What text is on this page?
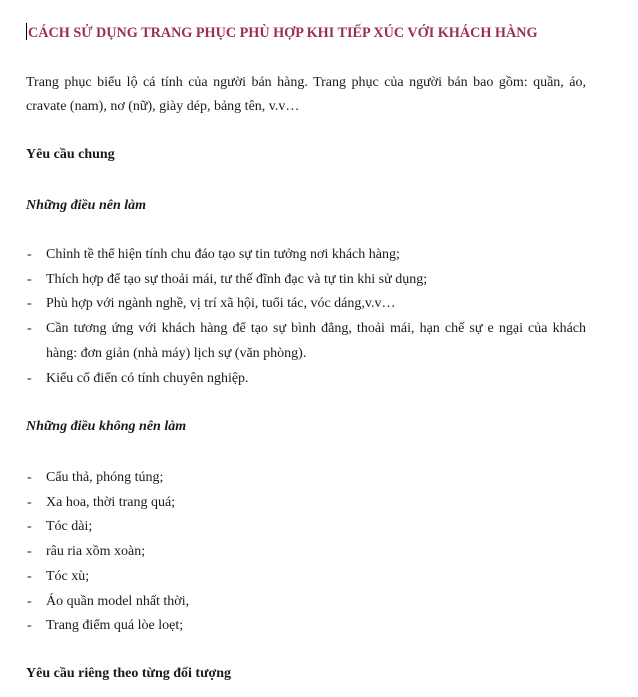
CÁCH SỬ DỤNG TRANG PHỤC PHÙ HỢP KHI TIẾP XÚC VỚI KHÁCH HÀNG
Trang phục biểu lộ cá tính của người bán hàng. Trang phục của người bán bao gồm: quần, áo, cravate (nam), nơ (nữ), giày dép, bảng tên, v.v…
Yêu cầu chung
Những điều nên làm
- Chỉnh tề thể hiện tính chu đáo tạo sự tin tưởng nơi khách hàng;
- Thích hợp để tạo sự thoải mái, tư thế đĩnh đạc và tự tin khi sử dụng;
- Phù hợp với ngành nghề, vị trí xã hội, tuổi tác, vóc dáng,v.v…
- Cần tương ứng với khách hàng để tạo sự bình đẳng, thoải mái, hạn chế sự e ngại của khách hàng: đơn giản (nhà máy) lịch sự (văn phòng).
- Kiểu cổ điển có tính chuyên nghiệp.
Những điều không nên làm
- Cẩu thả, phóng túng;
- Xa hoa, thời trang quá;
- Tóc dài;
- râu ria xồm xoàn;
- Tóc xù;
- Áo quần model nhất thời,
- Trang điểm quá lòe loẹt;
Yêu cầu riêng theo từng đối tượng
